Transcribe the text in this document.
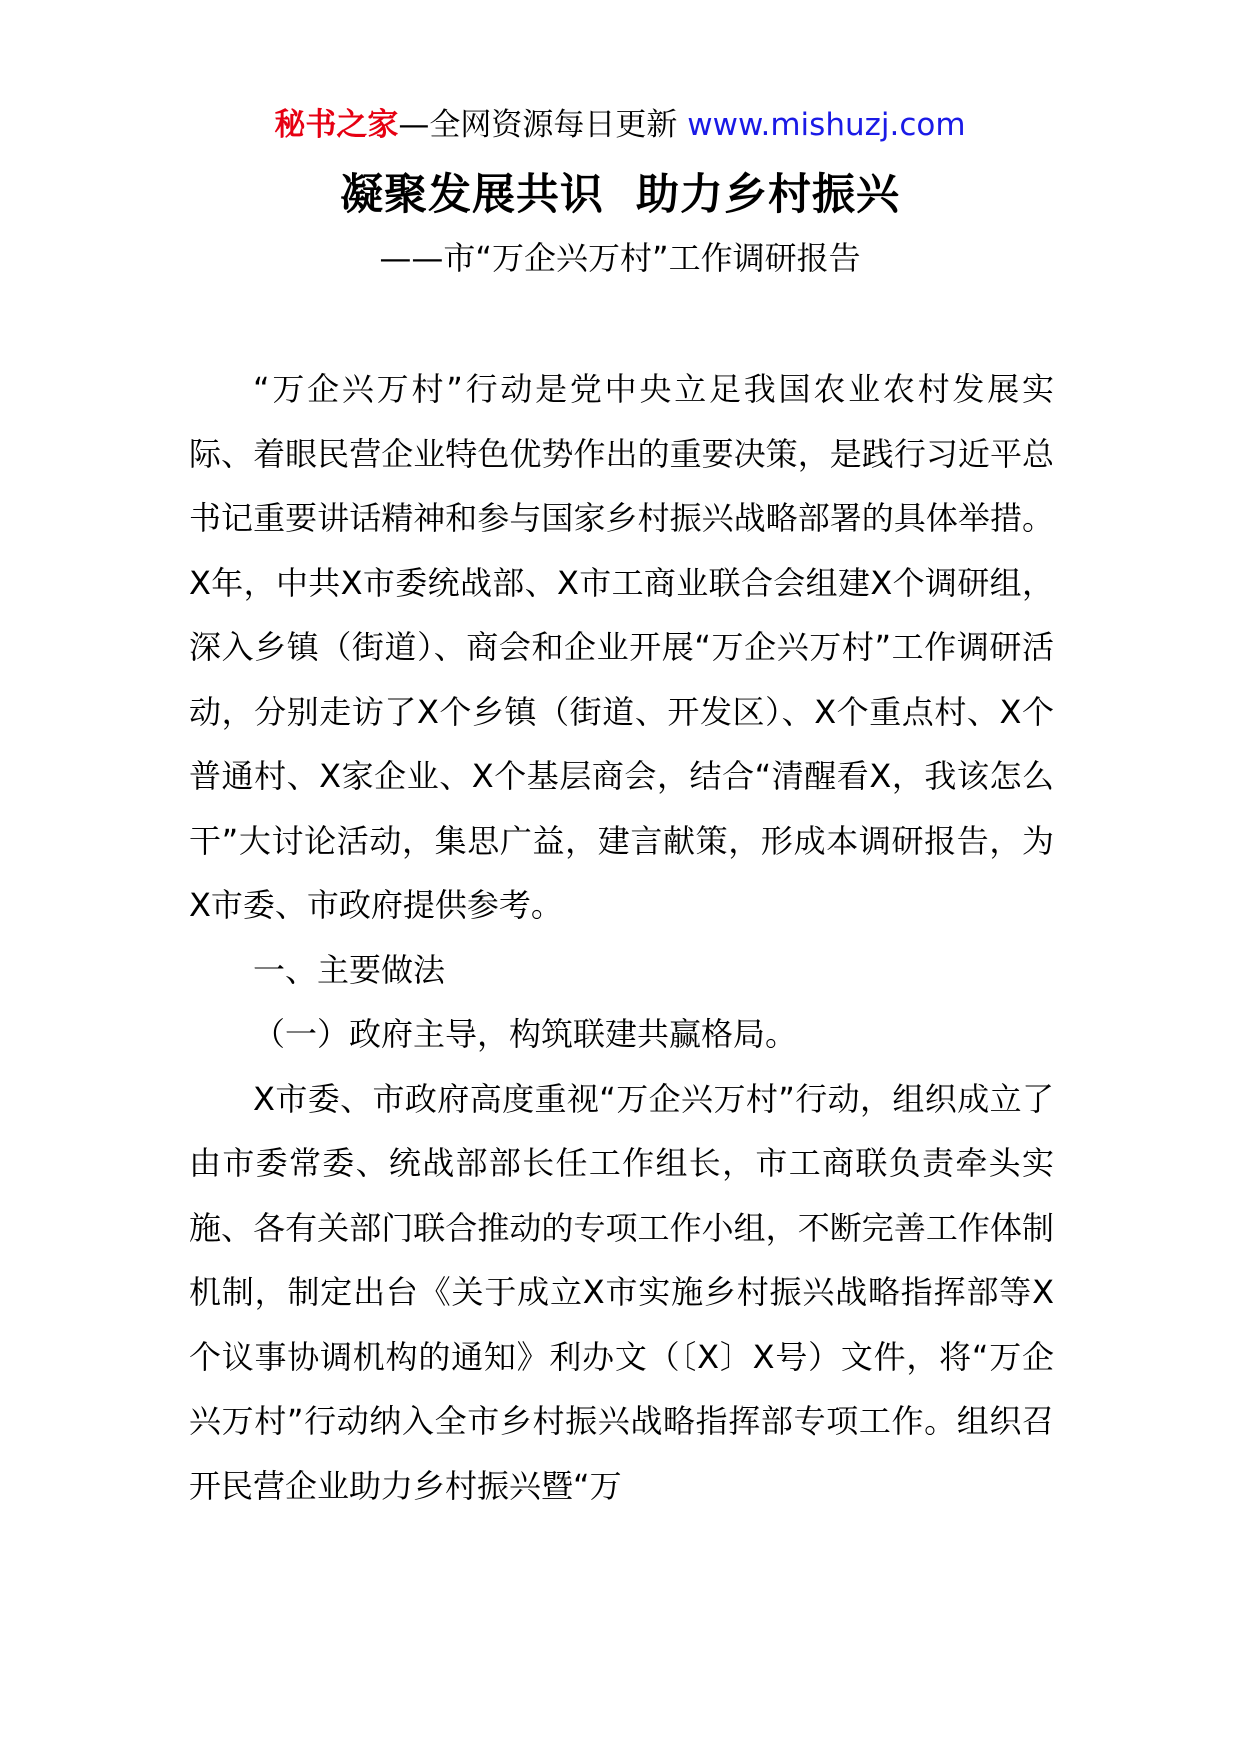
秘书之家—全网资源每日更新 www.mishuzj.com
凝聚发展共识  助力乡村振兴
——市“万企兴万村”工作调研报告

“万企兴万村”行动是党中央立足我国农业农村发展实际、着眼民营企业特色优势作出的重要决策，是践行习近平总书记重要讲话精神和参与国家乡村振兴战略部署的具体举措。X年，中共X市委统战部、X市工商业联合会组建X个调研组，深入乡镇（街道）、商会和企业开展“万企兴万村”工作调研活动，分别走访了X个乡镇（街道、开发区）、X个重点村、X个普通村、X家企业、X个基层商会，结合“清醒看X，我该怎么干”大讨论活动，集思广益，建言献策，形成本调研报告，为X市委、市政府提供参考。

一、主要做法

（一）政府主导，构筑联建共赢格局。

X市委、市政府高度重视“万企兴万村”行动，组织成立了由市委常委、统战部部长任工作组长，市工商联负责牵头实施、各有关部门联合推动的专项工作小组，不断完善工作体制机制，制定出台《关于成立X市实施乡村振兴战略指挥部等X个议事协调机构的通知》利办文（〔X〕X号）文件，将“万企兴万村”行动纳入全市乡村振兴战略指挥部专项工作。组织召开民营企业助力乡村振兴暨“万
